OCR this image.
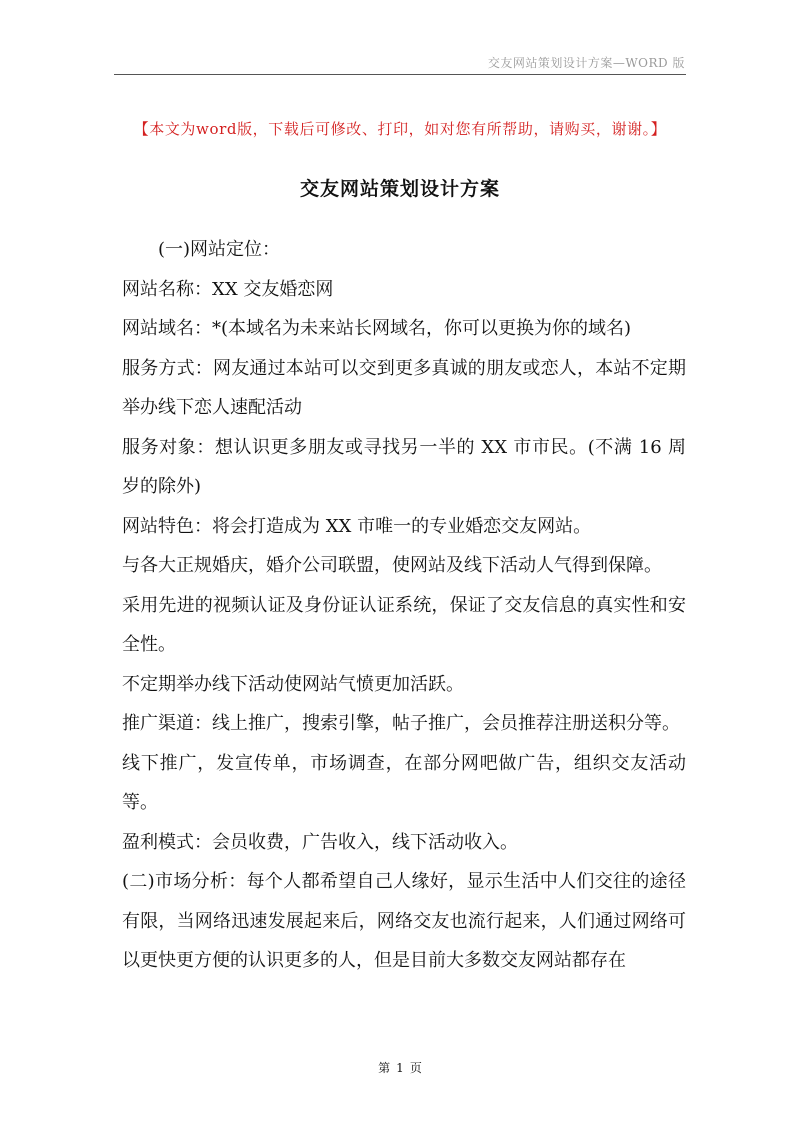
交友网站策划设计方案—WORD 版
【本文为word版，下载后可修改、打印，如对您有所帮助，请购买，谢谢。】
交友网站策划设计方案

(一)网站定位：

网站名称：XX 交友婚恋网

网站域名：*(本域名为未来站长网域名，你可以更换为你的域名)

服务方式：网友通过本站可以交到更多真诚的朋友或恋人，本站不定期举办线下恋人速配活动

服务对象：想认识更多朋友或寻找另一半的 XX 市市民。(不满 16 周岁的除外)

网站特色：将会打造成为 XX 市唯一的专业婚恋交友网站。

与各大正规婚庆，婚介公司联盟，使网站及线下活动人气得到保障。

采用先进的视频认证及身份证认证系统，保证了交友信息的真实性和安全性。

不定期举办线下活动使网站气愤更加活跃。

推广渠道：线上推广，搜索引擎，帖子推广，会员推荐注册送积分等。

线下推广，发宣传单，市场调查，在部分网吧做广告，组织交友活动等。

盈利模式：会员收费，广告收入，线下活动收入。

(二)市场分析：每个人都希望自己人缘好，显示生活中人们交往的途径有限，当网络迅速发展起来后，网络交友也流行起来，人们通过网络可以更快更方便的认识更多的人，但是目前大多数交友网站都存在

第 1 页
